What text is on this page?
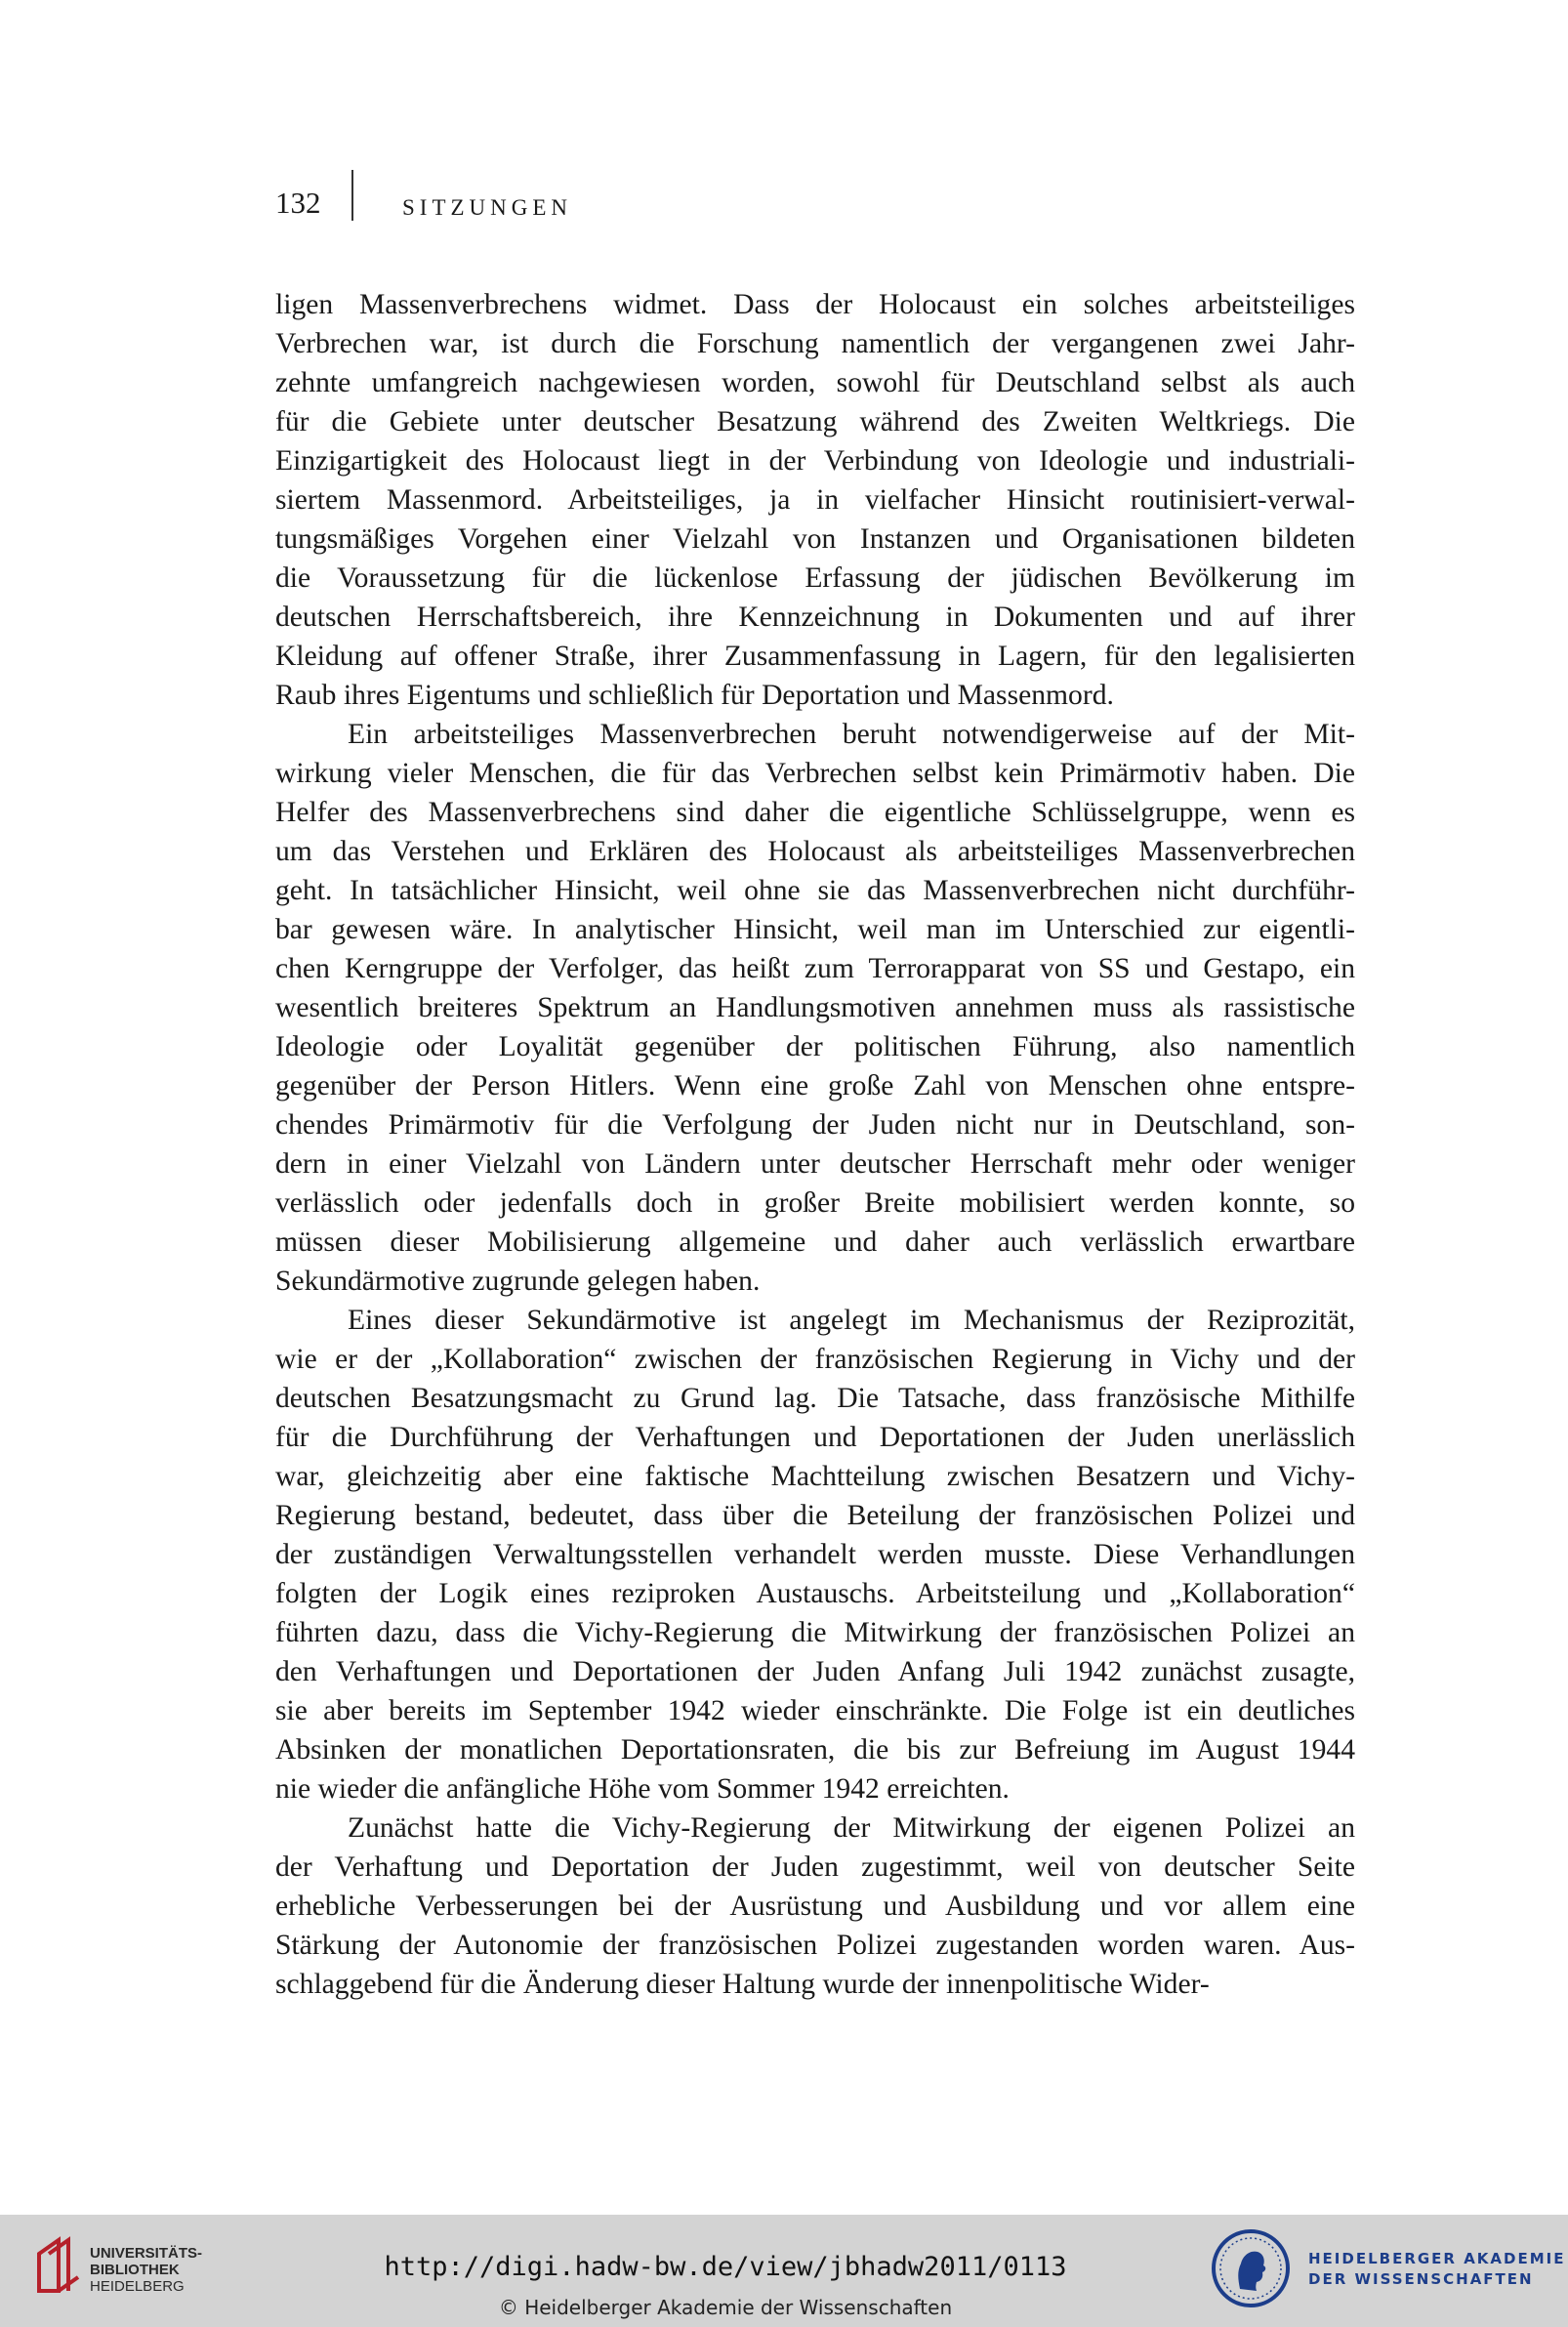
132	SITZUNGEN

ligen Massenverbrechens widmet. Dass der Holocaust ein solches arbeitsteiliges
Verbrechen war, ist durch die Forschung namentlich der vergangenen zwei Jahr-
zehnte umfangreich nachgewiesen worden, sowohl für Deutschland selbst als auch
für die Gebiete unter deutscher Besatzung während des Zweiten Weltkriegs. Die
Einzigartigkeit des Holocaust liegt in der Verbindung von Ideologie und industriali-
siertem Massenmord. Arbeitsteiliges, ja in vielfacher Hinsicht routinisiert-verwal-
tungsmäßiges Vorgehen einer Vielzahl von Instanzen und Organisationen bildeten
die Voraussetzung für die lückenlose Erfassung der jüdischen Bevölkerung im
deutschen Herrschaftsbereich, ihre Kennzeichnung in Dokumenten und auf ihrer
Kleidung auf offener Straße, ihrer Zusammenfassung in Lagern, für den legalisierten
Raub ihres Eigentums und schließlich für Deportation und Massenmord.

Ein arbeitsteiliges Massenverbrechen beruht notwendigerweise auf der Mit-
wirkung vieler Menschen, die für das Verbrechen selbst kein Primärmotiv haben. Die
Helfer des Massenverbrechens sind daher die eigentliche Schlüsselgruppe, wenn es
um das Verstehen und Erklären des Holocaust als arbeitsteiliges Massenverbrechen
geht. In tatsächlicher Hinsicht, weil ohne sie das Massenverbrechen nicht durchführ-
bar gewesen wäre. In analytischer Hinsicht, weil man im Unterschied zur eigentli-
chen Kerngruppe der Verfolger, das heißt zum Terrorapparat von SS und Gestapo, ein
wesentlich breiteres Spektrum an Handlungsmotiven annehmen muss als rassistische
Ideologie oder Loyalität gegenüber der politischen Führung, also namentlich
gegenüber der Person Hitlers. Wenn eine große Zahl von Menschen ohne entspre-
chendes Primärmotiv für die Verfolgung der Juden nicht nur in Deutschland, son-
dern in einer Vielzahl von Ländern unter deutscher Herrschaft mehr oder weniger
verlässlich oder jedenfalls doch in großer Breite mobilisiert werden konnte, so
müssen dieser Mobilisierung allgemeine und daher auch verlässlich erwartbare
Sekundärmotive zugrunde gelegen haben.

Eines dieser Sekundärmotive ist angelegt im Mechanismus der Reziprozität,
wie er der „Kollaboration“ zwischen der französischen Regierung in Vichy und der
deutschen Besatzungsmacht zu Grund lag. Die Tatsache, dass französische Mithilfe
für die Durchführung der Verhaftungen und Deportationen der Juden unerlässlich
war, gleichzeitig aber eine faktische Machtteilung zwischen Besatzern und Vichy-
Regierung bestand, bedeutet, dass über die Beteilung der französischen Polizei und
der zuständigen Verwaltungsstellen verhandelt werden musste. Diese Verhandlungen
folgten der Logik eines reziproken Austauschs. Arbeitsteilung und „Kollaboration“
führten dazu, dass die Vichy-Regierung die Mitwirkung der französischen Polizei an
den Verhaftungen und Deportationen der Juden Anfang Juli 1942 zunächst zusagte,
sie aber bereits im September 1942 wieder einschränkte. Die Folge ist ein deutliches
Absinken der monatlichen Deportationsraten, die bis zur Befreiung im August 1944
nie wieder die anfängliche Höhe vom Sommer 1942 erreichten.

Zunächst hatte die Vichy-Regierung der Mitwirkung der eigenen Polizei an
der Verhaftung und Deportation der Juden zugestimmt, weil von deutscher Seite
erhebliche Verbesserungen bei der Ausrüstung und Ausbildung und vor allem eine
Stärkung der Autonomie der französischen Polizei zugestanden worden waren. Aus-
schlaggebend für die Änderung dieser Haltung wurde der innenpolitische Wider-

UNIVERSITÄTS-
BIBLIOTHEK
HEIDELBERG
http://digi.hadw-bw.de/view/jbhadw2011/0113
© Heidelberger Akademie der Wissenschaften
HEIDELBERGER AKADEMIE
DER WISSENSCHAFTEN
